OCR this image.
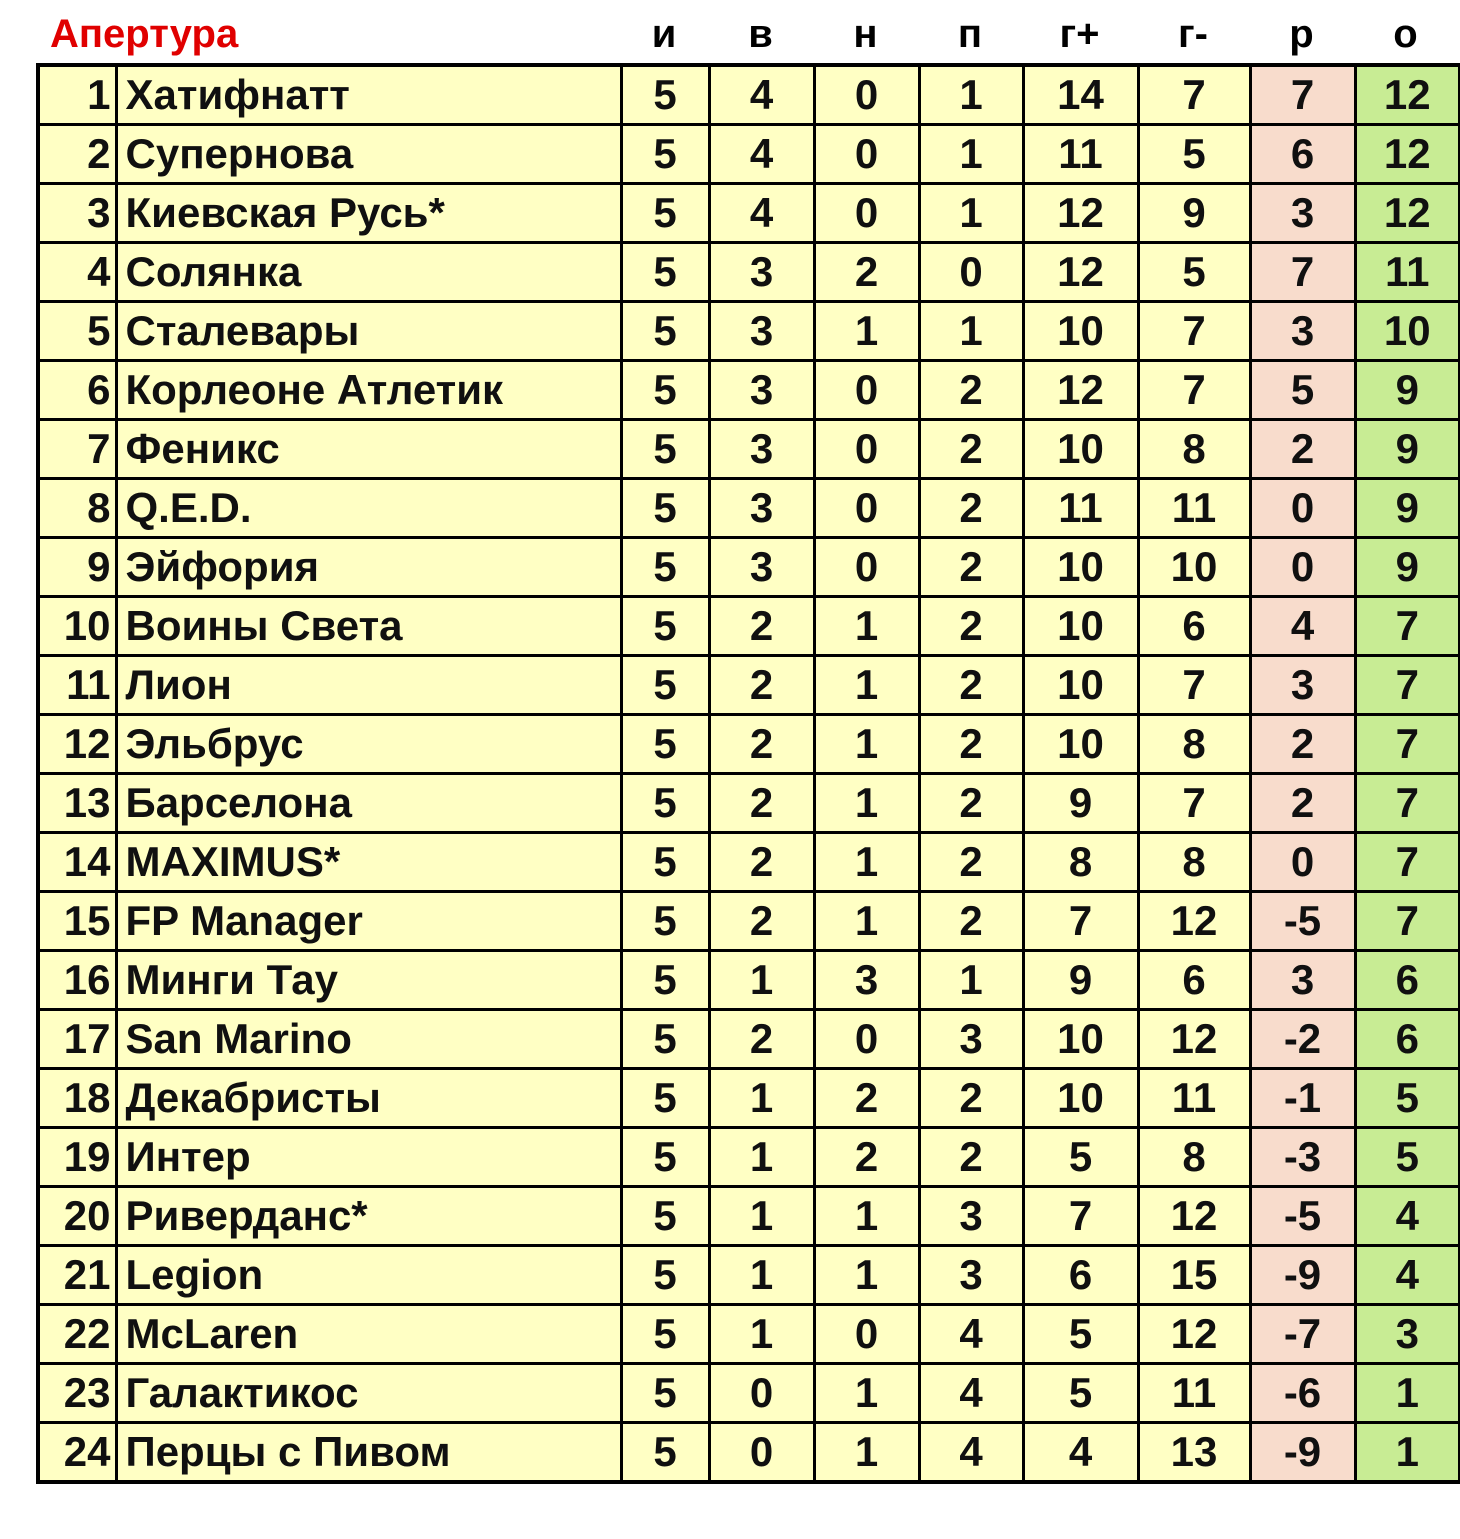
Апертура	и	в	н	п	г+	г-	р	о
1	Хатифнатт	5	4	0	1	14	7	7	12
2	Супернова	5	4	0	1	11	5	6	12
3	Киевская Русь*	5	4	0	1	12	9	3	12
4	Солянка	5	3	2	0	12	5	7	11
5	Сталевары	5	3	1	1	10	7	3	10
6	Корлеоне Атлетик	5	3	0	2	12	7	5	9
7	Феникс	5	3	0	2	10	8	2	9
8	Q.E.D.	5	3	0	2	11	11	0	9
9	Эйфория	5	3	0	2	10	10	0	9
10	Воины Света	5	2	1	2	10	6	4	7
11	Лион	5	2	1	2	10	7	3	7
12	Эльбрус	5	2	1	2	10	8	2	7
13	Барселона	5	2	1	2	9	7	2	7
14	MAXIMUS*	5	2	1	2	8	8	0	7
15	FP Manager	5	2	1	2	7	12	-5	7
16	Минги Тау	5	1	3	1	9	6	3	6
17	San Marino	5	2	0	3	10	12	-2	6
18	Декабристы	5	1	2	2	10	11	-1	5
19	Интер	5	1	2	2	5	8	-3	5
20	Риверданс*	5	1	1	3	7	12	-5	4
21	Legion	5	1	1	3	6	15	-9	4
22	McLaren	5	1	0	4	5	12	-7	3
23	Галактикос	5	0	1	4	5	11	-6	1
24	Перцы с Пивом	5	0	1	4	4	13	-9	1
